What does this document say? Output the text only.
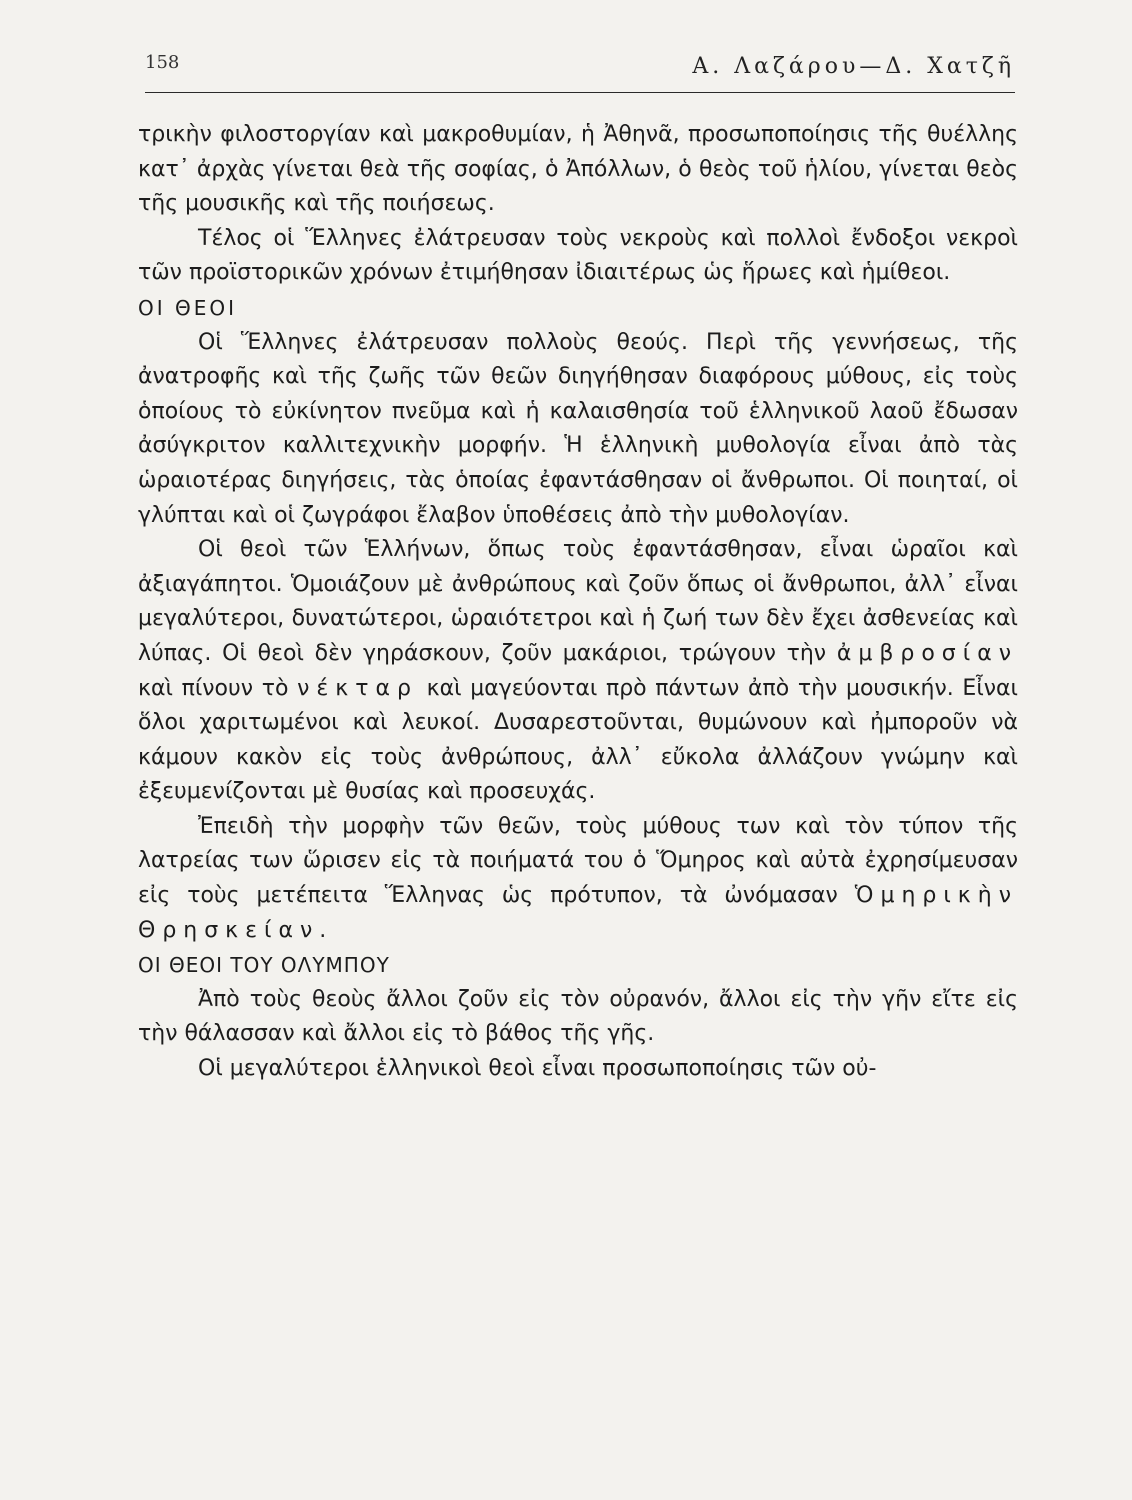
158	Α. Λαζάρου—Δ. Χατζῆ

τρικὴν φιλοστοργίαν καὶ μακροθυμίαν, ἡ Ἀθηνᾶ, προσωποποίησις τῆς θυέλλης κατ᾽ ἀρχὰς γίνεται θεὰ τῆς σοφίας, ὁ Ἀπόλλων, ὁ θεὸς τοῦ ἡλίου, γίνεται θεὸς τῆς μουσικῆς καὶ τῆς ποιήσεως.

Τέλος οἱ Ἕλληνες ἐλάτρευσαν τοὺς νεκροὺς καὶ πολλοὶ ἔνδοξοι νεκροὶ τῶν προϊστορικῶν χρόνων ἐτιμήθησαν ἰδιαιτέρως ὡς ἥρωες καὶ ἡμίθεοι.

ΟΙ ΘΕΟΙ

Οἱ Ἕλληνες ἐλάτρευσαν πολλοὺς θεούς. Περὶ τῆς γεννήσεως, τῆς ἀνατροφῆς καὶ τῆς ζωῆς τῶν θεῶν διηγήθησαν διαφόρους μύθους, εἰς τοὺς ὁποίους τὸ εὐκίνητον πνεῦμα καὶ ἡ καλαισθησία τοῦ ἑλληνικοῦ λαοῦ ἔδωσαν ἀσύγκριτον καλλιτεχνικὴν μορφήν. Ἡ ἑλληνικὴ μυθολογία εἶναι ἀπὸ τὰς ὡραιοτέρας διηγήσεις, τὰς ὁποίας ἐφαντάσθησαν οἱ ἄνθρωποι. Οἱ ποιηταί, οἱ γλύπται καὶ οἱ ζωγράφοι ἔλαβον ὑποθέσεις ἀπὸ τὴν μυθολογίαν.

Οἱ θεοὶ τῶν Ἑλλήνων, ὅπως τοὺς ἐφαντάσθησαν, εἶναι ὡραῖοι καὶ ἀξιαγάπητοι. Ὁμοιάζουν μὲ ἀνθρώπους καὶ ζοῦν ὅπως οἱ ἄνθρωποι, ἀλλ᾽ εἶναι μεγαλύτεροι, δυνατώτεροι, ὡραιότετροι καὶ ἡ ζωή των δὲν ἔχει ἀσθενείας καὶ λύπας. Οἱ θεοὶ δὲν γηράσκουν, ζοῦν μακάριοι, τρώγουν τὴν ἀμβροσίαν καὶ πίνουν τὸ νέκταρ καὶ μαγεύονται πρὸ πάντων ἀπὸ τὴν μουσικήν. Εἶναι ὅλοι χαριτωμένοι καὶ λευκοί. Δυσαρεστοῦνται, θυμώνουν καὶ ἠμποροῦν νὰ κάμουν κακὸν εἰς τοὺς ἀνθρώπους, ἀλλ᾽ εὔκολα ἀλλάζουν γνώμην καὶ ἐξευμενίζονται μὲ θυσίας καὶ προσευχάς.

Ἐπειδὴ τὴν μορφὴν τῶν θεῶν, τοὺς μύθους των καὶ τὸν τύπον τῆς λατρείας των ὥρισεν εἰς τὰ ποιήματά του ὁ Ὅμηρος καὶ αὐτὰ ἐχρησίμευσαν εἰς τοὺς μετέπειτα Ἕλληνας ὡς πρότυπον, τὰ ὠνόμασαν Ὁμηρικὴν Θρησκείαν.

ΟΙ ΘΕΟΙ ΤΟΥ ΟΛΥΜΠΟΥ

Ἀπὸ τοὺς θεοὺς ἄλλοι ζοῦν εἰς τὸν οὐρανόν, ἄλλοι εἰς τὴν γῆν εἴτε εἰς τὴν θάλασσαν καὶ ἄλλοι εἰς τὸ βάθος τῆς γῆς.

Οἱ μεγαλύτεροι ἑλληνικοὶ θεοὶ εἶναι προσωποποίησις τῶν οὐ-
